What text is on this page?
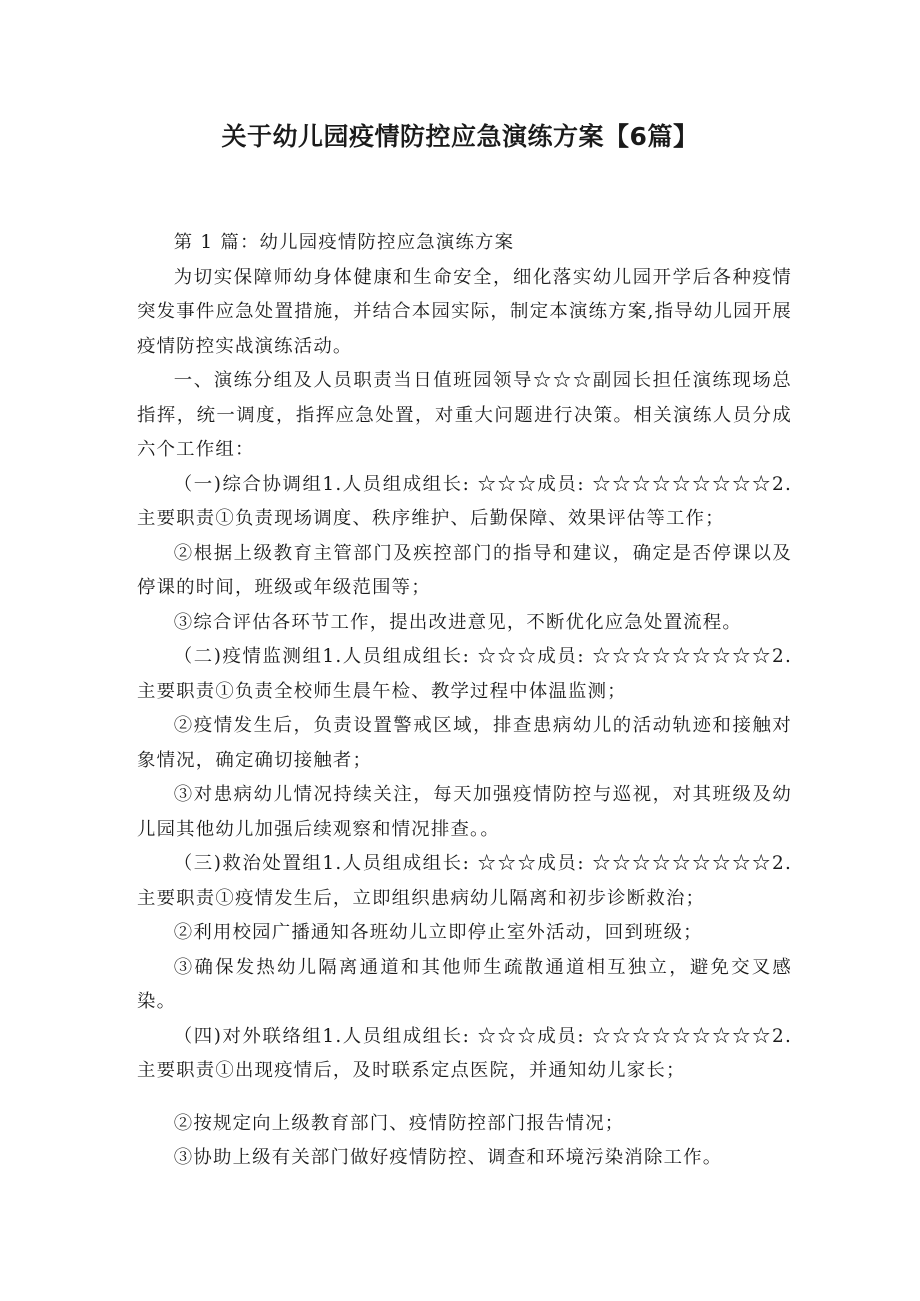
关于幼儿园疫情防控应急演练方案【6篇】

第 1 篇：幼儿园疫情防控应急演练方案

为切实保障师幼身体健康和生命安全，细化落实幼儿园开学后各种疫情突发事件应急处置措施，并结合本园实际，制定本演练方案,指导幼儿园开展疫情防控实战演练活动。

一、演练分组及人员职责当日值班园领导☆☆☆副园长担任演练现场总指挥，统一调度，指挥应急处置，对重大问题进行决策。相关演练人员分成六个工作组：

（一)综合协调组1.人员组成组长: ☆☆☆成员: ☆☆☆☆☆☆☆☆☆2.主要职责①负责现场调度、秩序维护、后勤保障、效果评估等工作；

②根据上级教育主管部门及疾控部门的指导和建议，确定是否停课以及停课的时间，班级或年级范围等；

③综合评估各环节工作，提出改进意见，不断优化应急处置流程。

（二)疫情监测组1.人员组成组长: ☆☆☆成员: ☆☆☆☆☆☆☆☆☆2.主要职责①负责全校师生晨午检、教学过程中体温监测；

②疫情发生后，负责设置警戒区域，排查患病幼儿的活动轨迹和接触对象情况，确定确切接触者；

③对患病幼儿情况持续关注，每天加强疫情防控与巡视，对其班级及幼儿园其他幼儿加强后续观察和情况排查。。

（三)救治处置组1.人员组成组长: ☆☆☆成员: ☆☆☆☆☆☆☆☆☆2.主要职责①疫情发生后，立即组织患病幼儿隔离和初步诊断救治；

②利用校园广播通知各班幼儿立即停止室外活动，回到班级；

③确保发热幼儿隔离通道和其他师生疏散通道相互独立，避免交叉感染。

（四)对外联络组1.人员组成组长: ☆☆☆成员: ☆☆☆☆☆☆☆☆☆2.主要职责①出现疫情后，及时联系定点医院，并通知幼儿家长；

②按规定向上级教育部门、疫情防控部门报告情况；

③协助上级有关部门做好疫情防控、调查和环境污染消除工作。
